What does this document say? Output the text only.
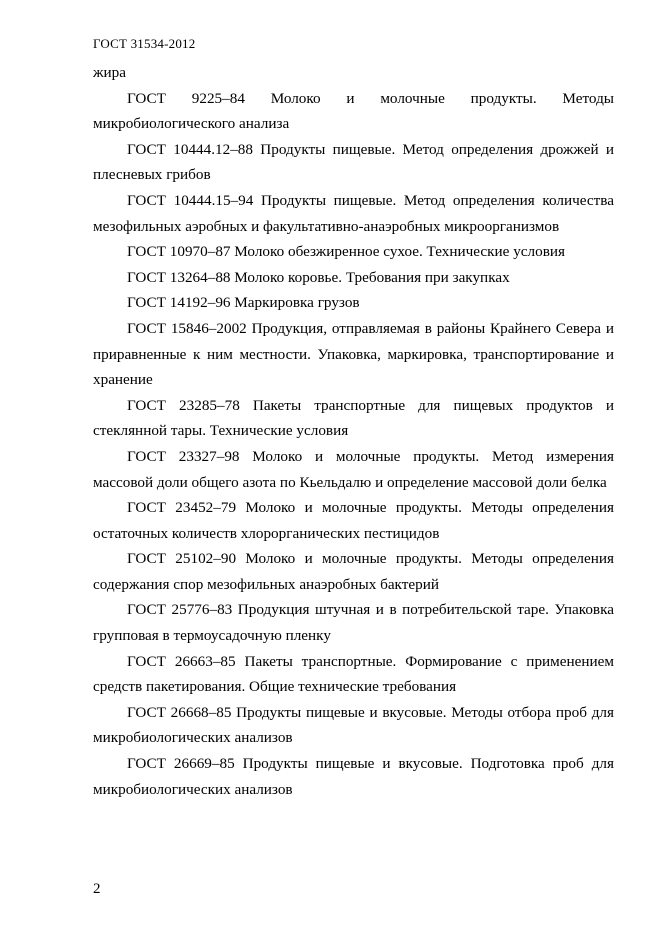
ГОСТ 31534-2012

жира

ГОСТ 9225–84 Молоко и молочные продукты. Методы микробиологического анализа

ГОСТ 10444.12–88 Продукты пищевые. Метод определения дрожжей и плесневых грибов

ГОСТ 10444.15–94 Продукты пищевые. Метод определения количества мезофильных аэробных и факультативно-анаэробных микроорганизмов

ГОСТ 10970–87 Молоко обезжиренное сухое. Технические условия

ГОСТ 13264–88 Молоко коровье. Требования при закупках

ГОСТ 14192–96 Маркировка грузов

ГОСТ 15846–2002 Продукция, отправляемая в районы Крайнего Севера и приравненные к ним местности. Упаковка, маркировка, транспортирование и хранение

ГОСТ 23285–78 Пакеты транспортные для пищевых продуктов и стеклянной тары. Технические условия

ГОСТ 23327–98 Молоко и молочные продукты. Метод измерения массовой доли общего азота по Кьельдалю и определение массовой доли белка

ГОСТ 23452–79 Молоко и молочные продукты. Методы определения остаточных количеств хлорорганических пестицидов

ГОСТ 25102–90 Молоко и молочные продукты. Методы определения содержания спор мезофильных анаэробных бактерий

ГОСТ 25776–83 Продукция штучная и в потребительской таре. Упаковка групповая в термоусадочную пленку

ГОСТ 26663–85 Пакеты транспортные. Формирование с применением средств пакетирования. Общие технические требования

ГОСТ 26668–85 Продукты пищевые и вкусовые. Методы отбора проб для микробиологических анализов

ГОСТ 26669–85 Продукты пищевые и вкусовые. Подготовка проб для микробиологических анализов

2
